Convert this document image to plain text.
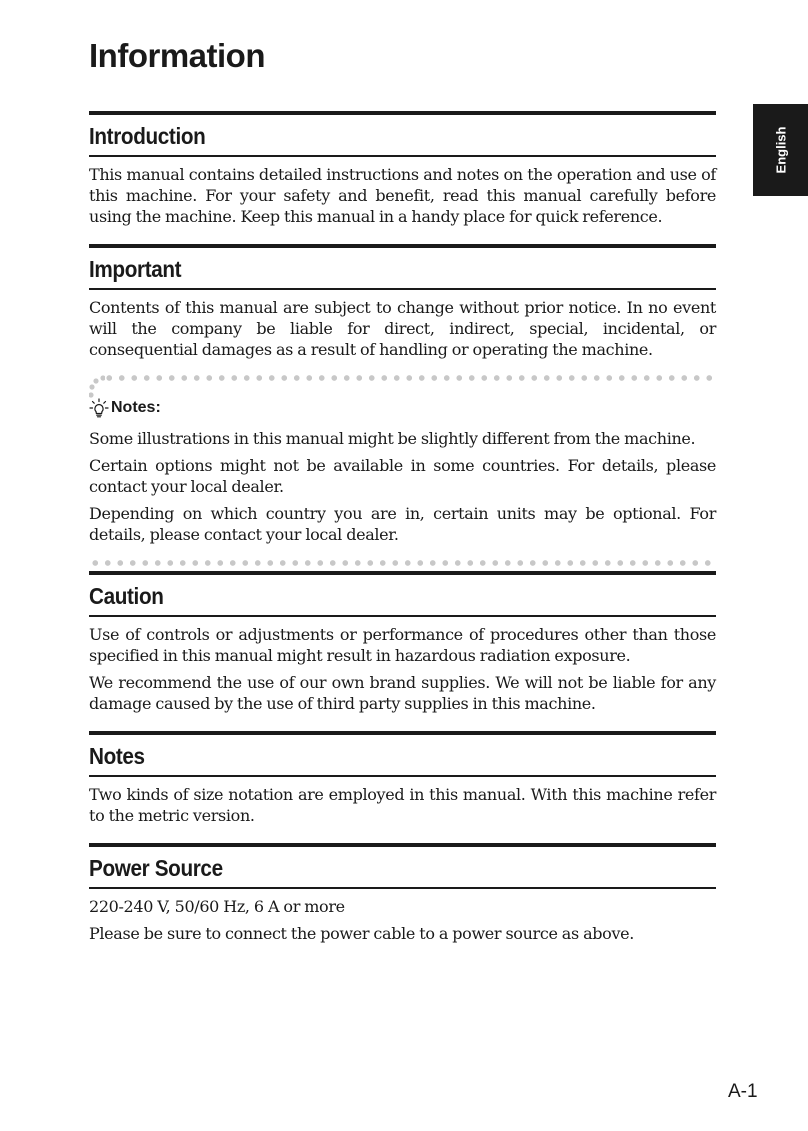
Information
English
Introduction

This manual contains detailed instructions and notes on the operation and use of this machine. For your safety and benefit, read this manual carefully before using the machine. Keep this manual in a handy place for quick reference.

Important

Contents of this manual are subject to change without prior notice. In no event will the company be liable for direct, indirect, special, incidental, or consequential damages as a result of handling or operating the machine.

Notes:

Some illustrations in this manual might be slightly different from the machine.

Certain options might not be available in some countries. For details, please contact your local dealer.

Depending on which country you are in, certain units may be optional. For details, please contact your local dealer.

Caution

Use of controls or adjustments or performance of procedures other than those specified in this manual might result in hazardous radiation exposure.

We recommend the use of our own brand supplies. We will not be liable for any damage caused by the use of third party supplies in this machine.

Notes

Two kinds of size notation are employed in this manual. With this machine refer to the metric version.

Power Source

220-240 V, 50/60 Hz, 6 A or more

Please be sure to connect the power cable to a power source as above.

A-1
